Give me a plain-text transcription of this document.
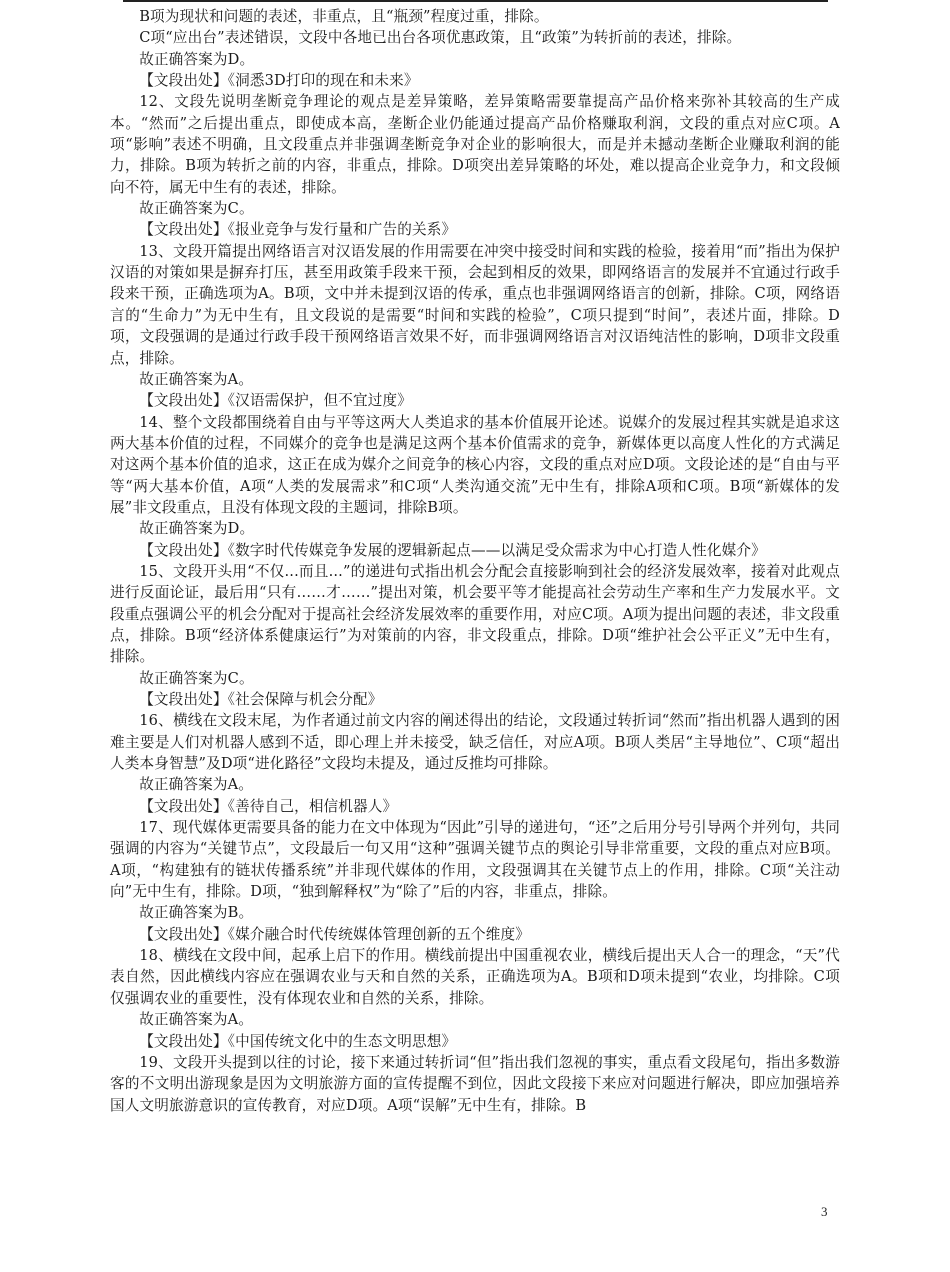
B项为现状和问题的表述，非重点，且“瓶颈”程度过重，排除。

C项“应出台”表述错误，文段中各地已出台各项优惠政策，且“政策”为转折前的表述，排除。

故正确答案为D。

【文段出处】《洞悉3D打印的现在和未来》

12、文段先说明垄断竞争理论的观点是差异策略，差异策略需要靠提高产品价格来弥补其较高的生产成本。“然而”之后提出重点，即使成本高，垄断企业仍能通过提高产品价格赚取利润，文段的重点对应C项。A项“影响”表述不明确，且文段重点并非强调垄断竞争对企业的影响很大，而是并未撼动垄断企业赚取利润的能力，排除。B项为转折之前的内容，非重点，排除。D项突出差异策略的坏处，难以提高企业竞争力，和文段倾向不符，属无中生有的表述，排除。

故正确答案为C。

【文段出处】《报业竞争与发行量和广告的关系》

13、文段开篇提出网络语言对汉语发展的作用需要在冲突中接受时间和实践的检验，接着用“而”指出为保护汉语的对策如果是摒弃打压，甚至用政策手段来干预，会起到相反的效果，即网络语言的发展并不宜通过行政手段来干预，正确选项为A。B项，文中并未提到汉语的传承，重点也非强调网络语言的创新，排除。C项，网络语言的“生命力”为无中生有，且文段说的是需要“时间和实践的检验”，C项只提到“时间”，表述片面，排除。D项，文段强调的是通过行政手段干预网络语言效果不好，而非强调网络语言对汉语纯洁性的影响，D项非文段重点，排除。

故正确答案为A。

【文段出处】《汉语需保护，但不宜过度》

14、整个文段都围绕着自由与平等这两大人类追求的基本价值展开论述。说媒介的发展过程其实就是追求这两大基本价值的过程，不同媒介的竞争也是满足这两个基本价值需求的竞争，新媒体更以高度人性化的方式满足对这两个基本价值的追求，这正在成为媒介之间竞争的核心内容，文段的重点对应D项。文段论述的是“自由与平等“两大基本价值，A项“人类的发展需求”和C项“人类沟通交流”无中生有，排除A项和C项。B项“新媒体的发展”非文段重点，且没有体现文段的主题词，排除B项。

故正确答案为D。

【文段出处】《数字时代传媒竞争发展的逻辑新起点——以满足受众需求为中心打造人性化媒介》

15、文段开头用“不仅...而且...”的递进句式指出机会分配会直接影响到社会的经济发展效率，接着对此观点进行反面论证，最后用“只有……才……”提出对策，机会要平等才能提高社会劳动生产率和生产力发展水平。文段重点强调公平的机会分配对于提高社会经济发展效率的重要作用，对应C项。A项为提出问题的表述，非文段重点，排除。B项“经济体系健康运行”为对策前的内容，非文段重点，排除。D项“维护社会公平正义”无中生有，排除。

故正确答案为C。

【文段出处】《社会保障与机会分配》

16、横线在文段末尾，为作者通过前文内容的阐述得出的结论，文段通过转折词“然而”指出机器人遇到的困难主要是人们对机器人感到不适，即心理上并未接受，缺乏信任，对应A项。B项人类居“主导地位”、C项“超出人类本身智慧”及D项“进化路径”文段均未提及，通过反推均可排除。

故正确答案为A。

【文段出处】《善待自己，相信机器人》

17、现代媒体更需要具备的能力在文中体现为“因此”引导的递进句，“还”之后用分号引导两个并列句，共同强调的内容为“关键节点”，文段最后一句又用“这种”强调关键节点的舆论引导非常重要，文段的重点对应B项。A项，“构建独有的链状传播系统”并非现代媒体的作用，文段强调其在关键节点上的作用，排除。C项“关注动向”无中生有，排除。D项，“独到解释权”为“除了”后的内容，非重点，排除。

故正确答案为B。

【文段出处】《媒介融合时代传统媒体管理创新的五个维度》

18、横线在文段中间，起承上启下的作用。横线前提出中国重视农业，横线后提出天人合一的理念，“天”代表自然，因此横线内容应在强调农业与天和自然的关系，正确选项为A。B项和D项未提到“农业，均排除。C项仅强调农业的重要性，没有体现农业和自然的关系，排除。

故正确答案为A。

【文段出处】《中国传统文化中的生态文明思想》

19、文段开头提到以往的讨论，接下来通过转折词“但”指出我们忽视的事实，重点看文段尾句，指出多数游客的不文明出游现象是因为文明旅游方面的宣传提醒不到位，因此文段接下来应对问题进行解决，即应加强培养国人文明旅游意识的宣传教育，对应D项。A项“误解”无中生有，排除。B

3
